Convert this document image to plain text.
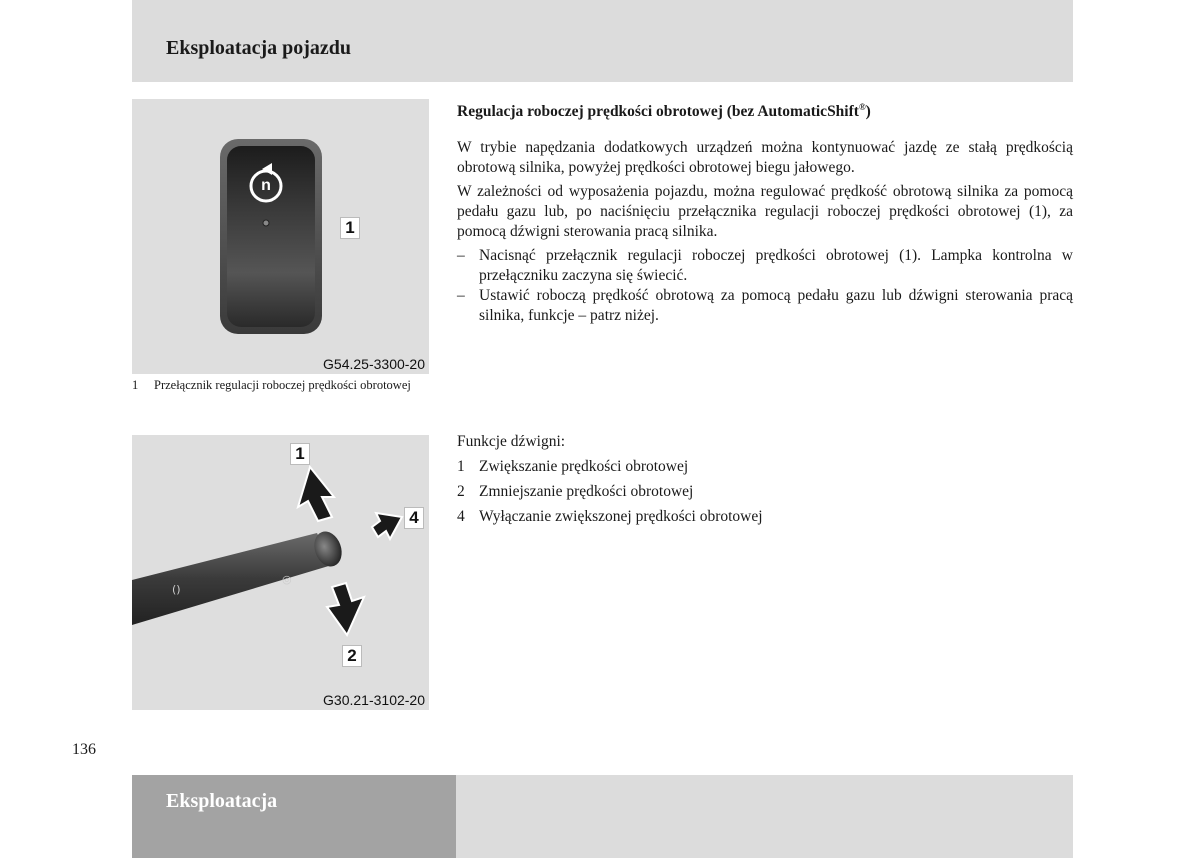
Eksploatacja pojazdu
n
1
G54.25-3300-20
1 Przełącznik regulacji roboczej prędkości obrotowej
◎
()
1
2
4
G30.21-3102-20
Regulacja roboczej prędkości obrotowej (bez AutomaticShift®)
W trybie napędzania dodatkowych urządzeń można kontynuować jazdę ze stałą prędkością obrotową silnika, powyżej prędkości obrotowej biegu jałowego.
W zależności od wyposażenia pojazdu, można regulować prędkość obrotową silnika za pomocą pedału gazu lub, po naciśnięciu przełącznika regulacji roboczej prędkości obrotowej (1), za pomocą dźwigni sterowania pracą silnika.
– Nacisnąć przełącznik regulacji roboczej prędkości obrotowej (1). Lampka kontrolna w przełączniku zaczyna się świecić.
– Ustawić roboczą prędkość obrotową za pomocą pedału gazu lub dźwigni sterowania pracą silnika, funkcje – patrz niżej.
Funkcje dźwigni:
1 Zwiększanie prędkości obrotowej
2 Zmniejszanie prędkości obrotowej
4 Wyłączanie zwiększonej prędkości obrotowej
136
Eksploatacja
